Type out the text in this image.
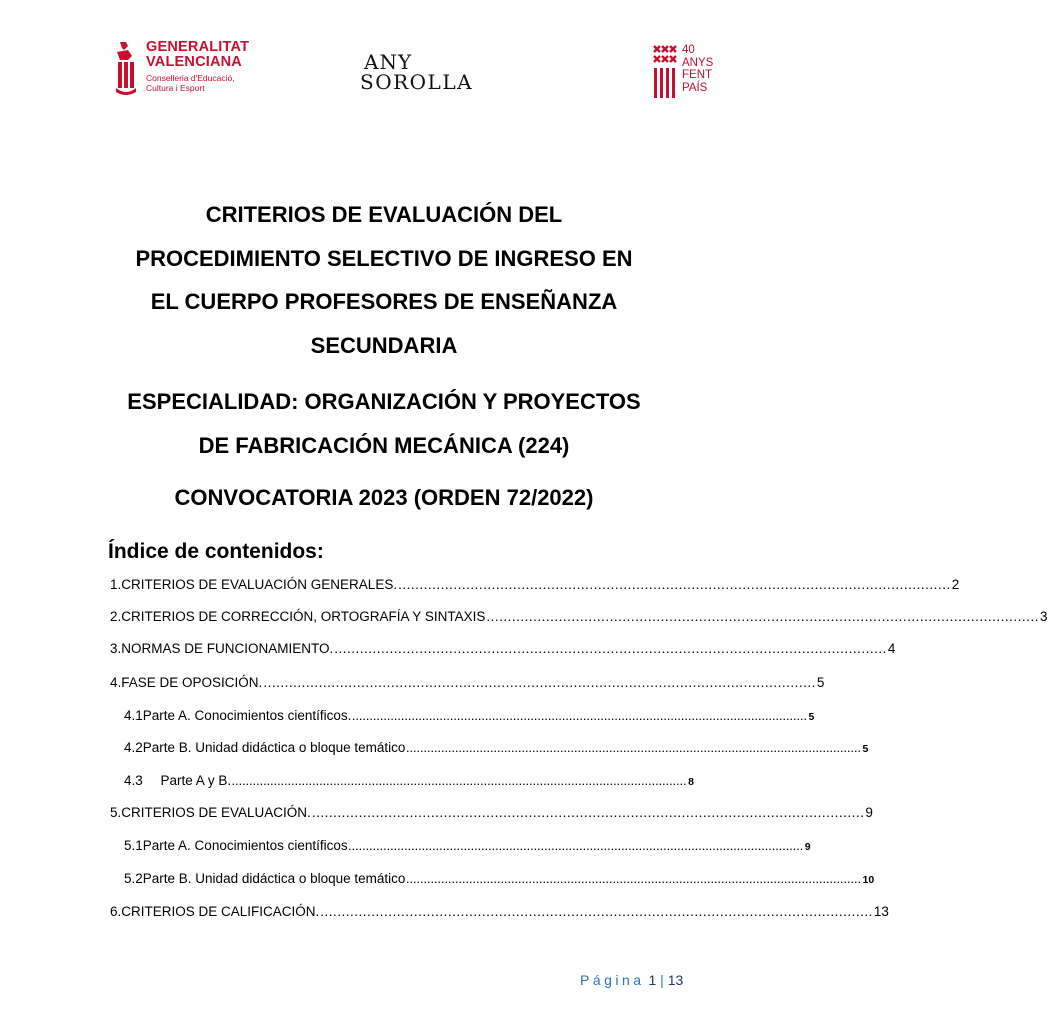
GENERALITAT
VALENCIANA
Conselleria d'Educació,
Cultura i Esport
ANY
SOROLLA
40
ANYS
FENT
PAÍS
CRITERIOS DE EVALUACIÓN DEL
PROCEDIMIENTO SELECTIVO DE INGRESO EN
EL CUERPO PROFESORES DE ENSEÑANZA
SECUNDARIA
ESPECIALIDAD: ORGANIZACIÓN Y PROYECTOS
DE FABRICACIÓN MECÁNICA (224)
CONVOCATORIA 2023 (ORDEN 72/2022)
Índice de contenidos:
1. CRITERIOS DE EVALUACIÓN GENERALES. .................................................................................................................................. 2
2. CRITERIOS DE CORRECCIÓN, ORTOGRAFÍA Y SINTAXIS .................................................................................................................................. 3
3. NORMAS DE FUNCIONAMIENTO. .................................................................................................................................. 4
4. FASE DE OPOSICIÓN. .................................................................................................................................. 5
4.1 Parte A. Conocimientos científicos. .................................................................................................................................. 5
4.2 Parte B. Unidad didáctica o bloque temático .................................................................................................................................. 5
4.3	Parte A y B. .................................................................................................................................. 8
5. CRITERIOS DE EVALUACIÓN. .................................................................................................................................. 9
5.1 Parte A. Conocimientos científicos .................................................................................................................................. 9
5.2 Parte B. Unidad didáctica o bloque temático .................................................................................................................................. 10
6. CRITERIOS DE CALIFICACIÓN. .................................................................................................................................. 13
Página 1 | 13
